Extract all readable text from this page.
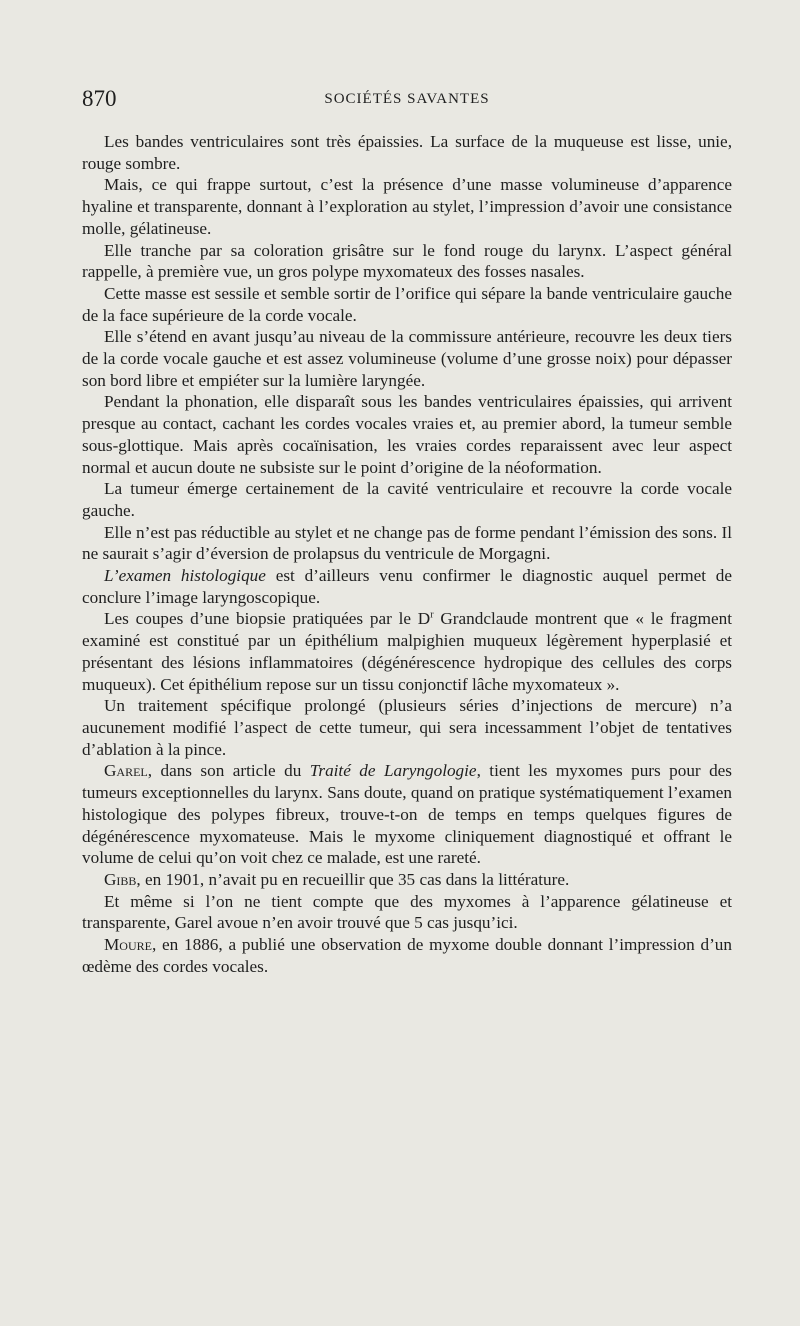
870	SOCIÉTÉS SAVANTES

Les bandes ventriculaires sont très épaissies. La surface de la muqueuse est lisse, unie, rouge sombre.

Mais, ce qui frappe surtout, c’est la présence d’une masse volumineuse d’apparence hyaline et transparente, donnant à l’exploration au stylet, l’impression d’avoir une consistance molle, gélatineuse.

Elle tranche par sa coloration grisâtre sur le fond rouge du larynx. L’aspect général rappelle, à première vue, un gros polype myxomateux des fosses nasales.

Cette masse est sessile et semble sortir de l’orifice qui sépare la bande ventriculaire gauche de la face supérieure de la corde vocale.

Elle s’étend en avant jusqu’au niveau de la commissure antérieure, recouvre les deux tiers de la corde vocale gauche et est assez volumineuse (volume d’une grosse noix) pour dépasser son bord libre et empiéter sur la lumière laryngée.

Pendant la phonation, elle disparaît sous les bandes ventriculaires épaissies, qui arrivent presque au contact, cachant les cordes vocales vraies et, au premier abord, la tumeur semble sous-glottique. Mais après cocaïnisation, les vraies cordes reparaissent avec leur aspect normal et aucun doute ne subsiste sur le point d’origine de la néoformation.

La tumeur émerge certainement de la cavité ventriculaire et recouvre la corde vocale gauche.

Elle n’est pas réductible au stylet et ne change pas de forme pendant l’émission des sons. Il ne saurait s’agir d’éversion de prolapsus du ventricule de Morgagni.

L’examen histologique est d’ailleurs venu confirmer le diagnostic auquel permet de conclure l’image laryngoscopique.

Les coupes d’une biopsie pratiquées par le $D^r$ Grandclaude montrent que « le fragment examiné est constitué par un épithélium malpighien muqueux légèrement hyperplasié et présentant des lésions inflammatoires (dégénérescence hydropique des cellules des corps muqueux). Cet épithélium repose sur un tissu conjonctif lâche myxomateux ».

Un traitement spécifique prolongé (plusieurs séries d’injections de mercure) n’a aucunement modifié l’aspect de cette tumeur, qui sera incessamment l’objet de tentatives d’ablation à la pince.

Garel, dans son article du Traité de Laryngologie, tient les myxomes purs pour des tumeurs exceptionnelles du larynx. Sans doute, quand on pratique systématiquement l’examen histologique des polypes fibreux, trouve-t-on de temps en temps quelques figures de dégénérescence myxomateuse. Mais le myxome cliniquement diagnostiqué et offrant le volume de celui qu’on voit chez ce malade, est une rareté.

Gibb, en 1901, n’avait pu en recueillir que 35 cas dans la littérature.

Et même si l’on ne tient compte que des myxomes à l’apparence gélatineuse et transparente, Garel avoue n’en avoir trouvé que 5 cas jusqu’ici.

Moure, en 1886, a publié une observation de myxome double donnant l’impression d’un œdème des cordes vocales.
